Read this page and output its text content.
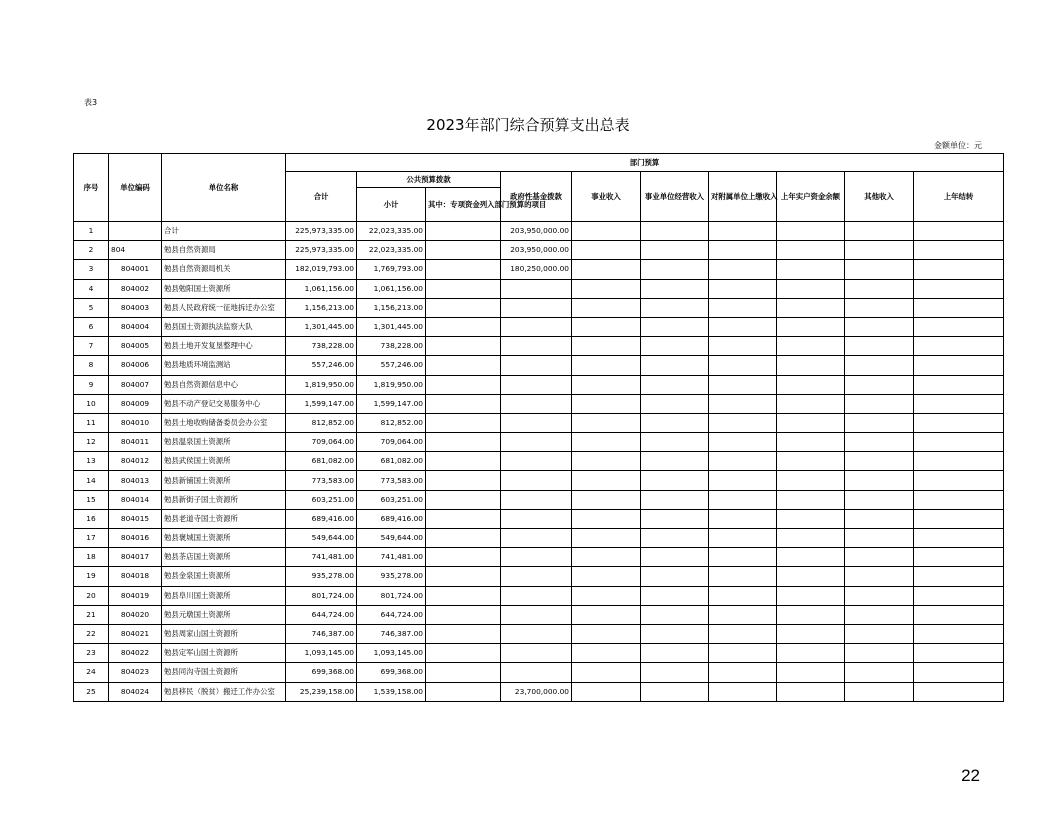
表3
2023年部门综合预算支出总表
金额单位：元
序号	单位编码	单位名称	部门预算									
			合计	公共预算拨款		政府性基金拨款	事业收入	事业单位经营收入	对附属单位上缴收入	上年实户资金余额	其他收入	上年结转
				小计	其中：专项资金列入部门预算的项目							
1		合计	225,973,335.00	22,023,335.00		203,950,000.00						
2	804	勉县自然资源局	225,973,335.00	22,023,335.00		203,950,000.00						
3	804001	勉县自然资源局机关	182,019,793.00	1,769,793.00		180,250,000.00						
4	804002	勉县勉阳国土资源所	1,061,156.00	1,061,156.00								
5	804003	勉县人民政府统一征地拆迁办公室	1,156,213.00	1,156,213.00								
6	804004	勉县国土资源执法监察大队	1,301,445.00	1,301,445.00								
7	804005	勉县土地开发复垦整理中心	738,228.00	738,228.00								
8	804006	勉县地质环境监测站	557,246.00	557,246.00								
9	804007	勉县自然资源信息中心	1,819,950.00	1,819,950.00								
10	804009	勉县不动产登记交易服务中心	1,599,147.00	1,599,147.00								
11	804010	勉县土地收购储备委员会办公室	812,852.00	812,852.00								
12	804011	勉县温泉国土资源所	709,064.00	709,064.00								
13	804012	勉县武侯国土资源所	681,082.00	681,082.00								
14	804013	勉县新铺国土资源所	773,583.00	773,583.00								
15	804014	勉县新街子国土资源所	603,251.00	603,251.00								
16	804015	勉县老道寺国土资源所	689,416.00	689,416.00								
17	804016	勉县褒城国土资源所	549,644.00	549,644.00								
18	804017	勉县茶店国土资源所	741,481.00	741,481.00								
19	804018	勉县金泉国土资源所	935,278.00	935,278.00								
20	804019	勉县阜川国土资源所	801,724.00	801,724.00								
21	804020	勉县元墩国土资源所	644,724.00	644,724.00								
22	804021	勉县周家山国土资源所	746,387.00	746,387.00								
23	804022	勉县定军山国土资源所	1,093,145.00	1,093,145.00								
24	804023	勉县同沟寺国土资源所	699,368.00	699,368.00								
25	804024	勉县移民（脱贫）搬迁工作办公室	25,239,158.00	1,539,158.00		23,700,000.00						
22
